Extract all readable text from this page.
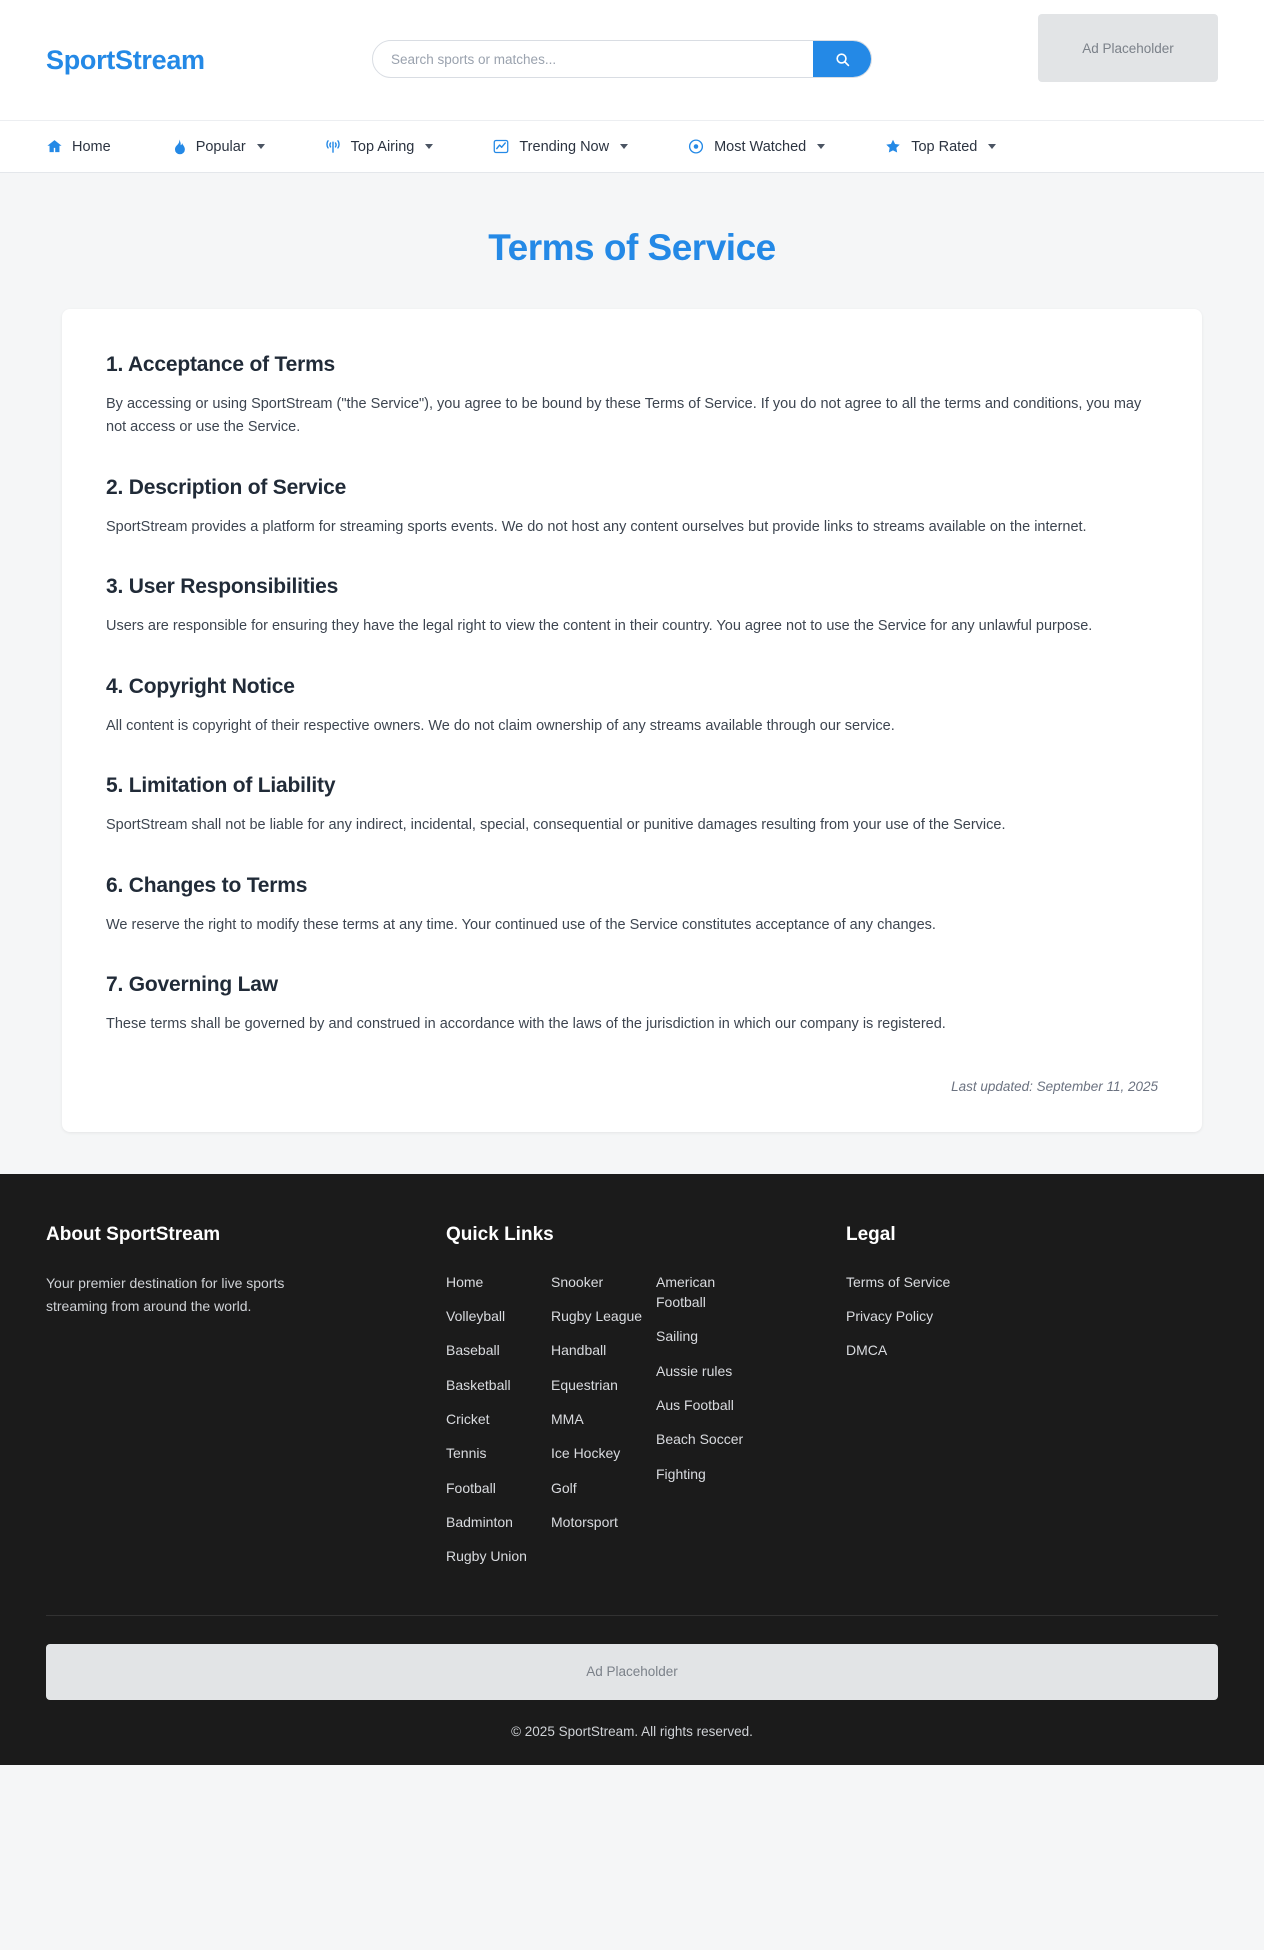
SportStream
Search sports or matches...	Ad Placeholder
Home	Popular	Top Airing	Trending Now	Most Watched	Top Rated
Terms of Service
1. Acceptance of Terms

By accessing or using SportStream ("the Service"), you agree to be bound by these Terms of Service. If you do not agree to all the terms and conditions, you may not access or use the Service.

2. Description of Service

SportStream provides a platform for streaming sports events. We do not host any content ourselves but provide links to streams available on the internet.

3. User Responsibilities

Users are responsible for ensuring they have the legal right to view the content in their country. You agree not to use the Service for any unlawful purpose.

4. Copyright Notice

All content is copyright of their respective owners. We do not claim ownership of any streams available through our service.

5. Limitation of Liability

SportStream shall not be liable for any indirect, incidental, special, consequential or punitive damages resulting from your use of the Service.

6. Changes to Terms

We reserve the right to modify these terms at any time. Your continued use of the Service constitutes acceptance of any changes.

7. Governing Law

These terms shall be governed by and construed in accordance with the laws of the jurisdiction in which our company is registered.

Last updated: September 11, 2025
About SportStream

Your premier destination for live sports streaming from around the world.

Quick Links
Home
Volleyball
Baseball
Basketball
Cricket
Tennis
Football
Badminton
Rugby Union
Snooker
Rugby League
Handball
Equestrian
MMA
Ice Hockey
Golf
Motorsport
American Football
Sailing
Aussie rules
Aus Football
Beach Soccer
Fighting
Legal
Terms of Service
Privacy Policy
DMCA
Ad Placeholder
© 2025 SportStream. All rights reserved.
